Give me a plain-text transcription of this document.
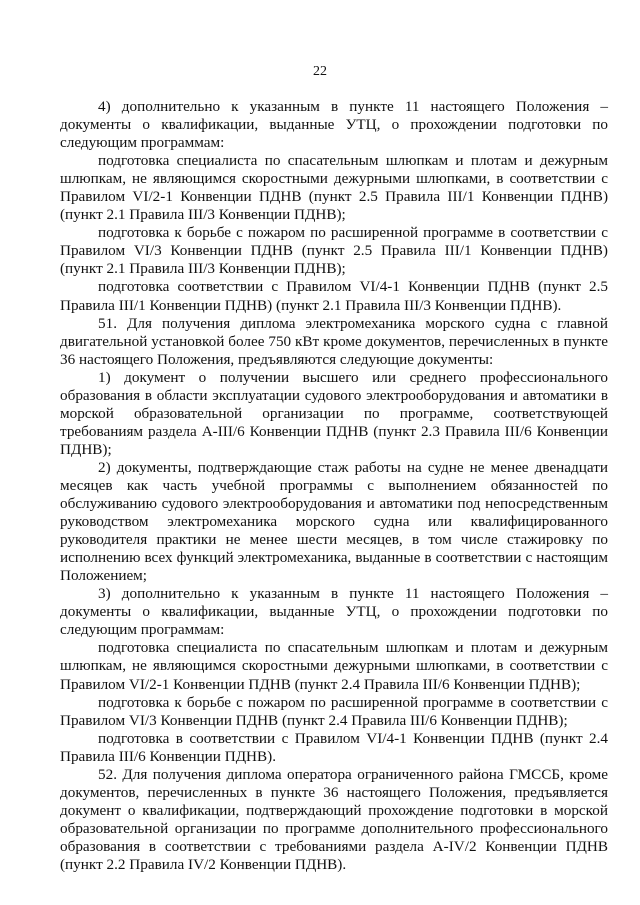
22

4) дополнительно к указанным в пункте 11 настоящего Положения – документы о квалификации, выданные УТЦ, о прохождении подготовки по следующим программам:

подготовка специалиста по спасательным шлюпкам и плотам и дежурным шлюпкам, не являющимся скоростными дежурными шлюпками, в соответствии с Правилом VI/2-1 Конвенции ПДНВ (пункт 2.5 Правила III/1 Конвенции ПДНВ) (пункт 2.1 Правила III/3 Конвенции ПДНВ);

подготовка к борьбе с пожаром по расширенной программе в соответствии с Правилом VI/3 Конвенции ПДНВ (пункт 2.5 Правила III/1 Конвенции ПДНВ) (пункт 2.1 Правила III/3 Конвенции ПДНВ);

подготовка соответствии с Правилом VI/4-1 Конвенции ПДНВ (пункт 2.5 Правила III/1 Конвенции ПДНВ) (пункт 2.1 Правила III/3 Конвенции ПДНВ).

51. Для получения диплома электромеханика морского судна с главной двигательной установкой более 750 кВт кроме документов, перечисленных в пункте 36 настоящего Положения, предъявляются следующие документы:

1) документ о получении высшего или среднего профессионального образования в области эксплуатации судового электрооборудования и автоматики в морской образовательной организации по программе, соответствующей требованиям раздела A-III/6 Конвенции ПДНВ (пункт 2.3 Правила III/6 Конвенции ПДНВ);

2) документы, подтверждающие стаж работы на судне не менее двенадцати месяцев как часть учебной программы с выполнением обязанностей по обслуживанию судового электрооборудования и автоматики под непосредственным руководством электромеханика морского судна или квалифицированного руководителя практики не менее шести месяцев, в том числе стажировку по исполнению всех функций электромеханика, выданные в соответствии с настоящим Положением;

3) дополнительно к указанным в пункте 11 настоящего Положения – документы о квалификации, выданные УТЦ, о прохождении подготовки по следующим программам:

подготовка специалиста по спасательным шлюпкам и плотам и дежурным шлюпкам, не являющимся скоростными дежурными шлюпками, в соответствии с Правилом VI/2-1 Конвенции ПДНВ (пункт 2.4 Правила III/6 Конвенции ПДНВ);

подготовка к борьбе с пожаром по расширенной программе в соответствии с Правилом VI/3 Конвенции ПДНВ (пункт 2.4 Правила III/6 Конвенции ПДНВ);

подготовка в соответствии с Правилом VI/4-1 Конвенции ПДНВ (пункт 2.4 Правила III/6 Конвенции ПДНВ).

52. Для получения диплома оператора ограниченного района ГМССБ, кроме документов, перечисленных в пункте 36 настоящего Положения, предъявляется документ о квалификации, подтверждающий прохождение подготовки в морской образовательной организации по программе дополнительного профессионального образования в соответствии с требованиями раздела A-IV/2 Конвенции ПДНВ (пункт 2.2 Правила IV/2 Конвенции ПДНВ).
